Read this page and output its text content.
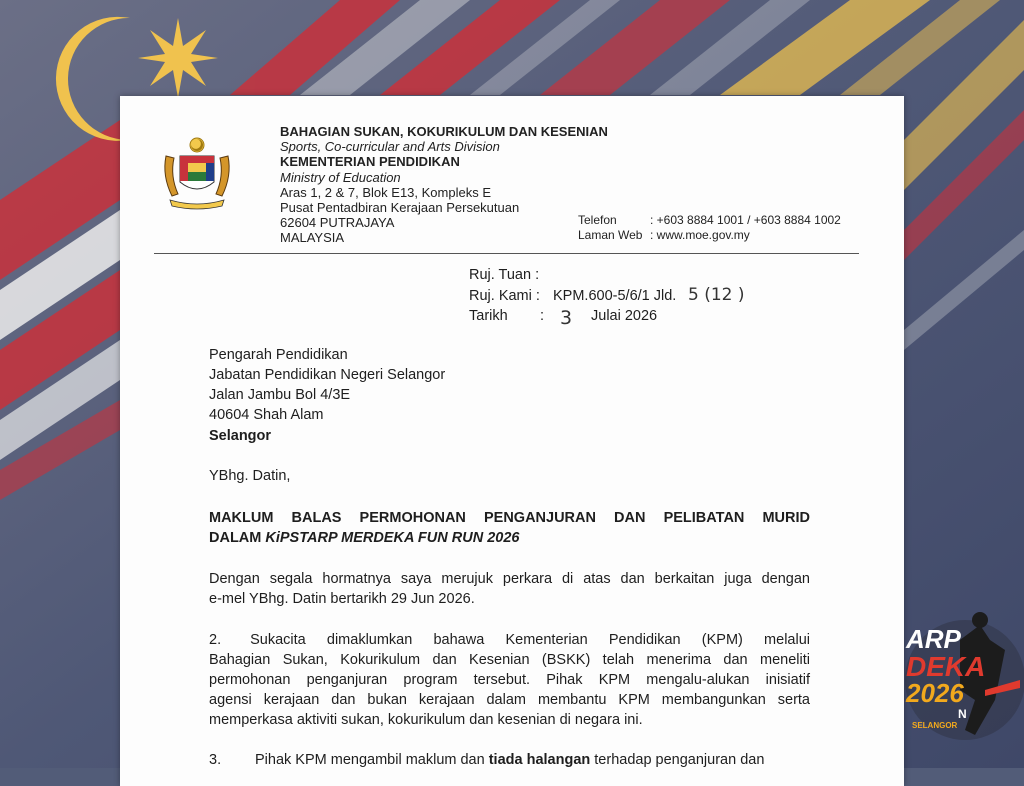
ARP
DEKA
2026
N
SELANGOR
BAHAGIAN SUKAN, KOKURIKULUM DAN KESENIAN
Sports, Co-curricular and Arts Division
KEMENTERIAN PENDIDIKAN
Ministry of Education
Aras 1, 2 & 7, Blok E13, Kompleks E
Pusat Pentadbiran Kerajaan Persekutuan
62604 PUTRAJAYA
MALAYSIA
Telefon	: +603 8884 1001 / +603 8884 1002
Laman Web : www.moe.gov.my
Ruj. Tuan :
Ruj. Kami : KPM.600-5/6/1 Jld. 5 (12 )
Tarikh : 3 Julai 2026
Pengarah Pendidikan
Jabatan Pendidikan Negeri Selangor
Jalan Jambu Bol 4/3E
40604 Shah Alam
Selangor
YBhg. Datin,
MAKLUM BALAS PERMOHONAN PENGANJURAN DAN PELIBATAN MURID
DALAM KiPSTARP MERDEKA FUN RUN 2026
Dengan segala hormatnya saya merujuk perkara di atas dan berkaitan juga dengan
e-mel YBhg. Datin bertarikh 29 Jun 2026.
2.  Sukacita dimaklumkan bahawa Kementerian Pendidikan (KPM) melalui
Bahagian Sukan, Kokurikulum dan Kesenian (BSKK) telah menerima dan meneliti
permohonan penganjuran program tersebut. Pihak KPM mengalu-alukan inisiatif
agensi kerajaan dan bukan kerajaan dalam membantu KPM membangunkan serta
memperkasa aktiviti sukan, kokurikulum dan kesenian di negara ini.
3. Pihak KPM mengambil maklum dan tiada halangan terhadap penganjuran dan
